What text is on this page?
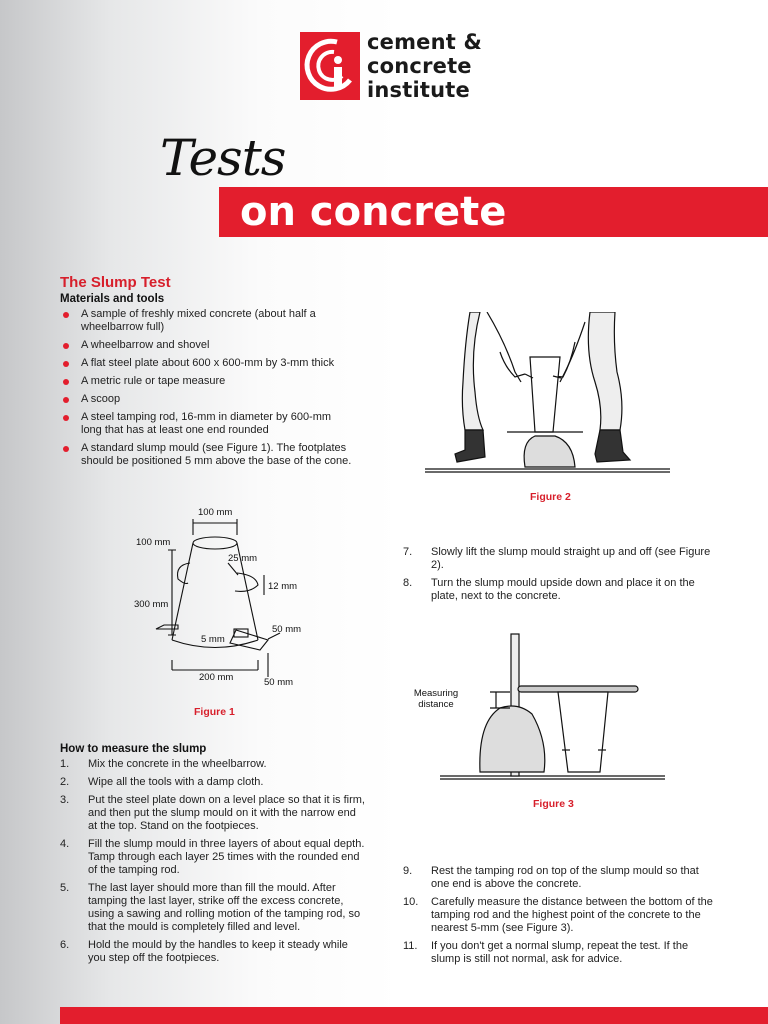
cement &
concrete
institute
Tests
on concrete
The Slump Test
Materials and tools
A sample of freshly mixed concrete (about half a wheelbarrow full)
A wheelbarrow and shovel
A flat steel plate about 600 x 600-mm by 3-mm thick
A metric rule or tape measure
A scoop
A steel tamping rod, 16-mm in diameter by 600-mm long that has at least one end rounded
A standard slump mould (see Figure 1). The footplates should be positioned 5 mm above the base of the cone.
100 mm
100 mm
25 mm
12 mm
300 mm
50 mm
5 mm
200 mm	50 mm
Figure 1
How to measure the slump
1. Mix the concrete in the wheelbarrow.
2. Wipe all the tools with a damp cloth.
3. Put the steel plate down on a level place so that it is firm, and then put the slump mould on it with the narrow end at the top. Stand on the footpieces.
4. Fill the slump mould in three layers of about equal depth. Tamp through each layer 25 times with the rounded end of the tamping rod.
5. The last layer should more than fill the mould. After tamping the last layer, strike off the excess concrete, using a sawing and rolling motion of the tamping rod, so that the mould is completely filled and level.
6. Hold the mould by the handles to keep it steady while you step off the footpieces.
Figure 2
7. Slowly lift the slump mould straight up and off (see Figure 2).
8. Turn the slump mould upside down and place it on the plate, next to the concrete.
Measuring
distance
Figure 3
9. Rest the tamping rod on top of the slump mould so that one end is above the concrete.
10. Carefully measure the distance between the bottom of the tamping rod and the highest point of the concrete to the nearest 5-mm (see Figure 3).
11. If you don't get a normal slump, repeat the test. If the slump is still not normal, ask for advice.
